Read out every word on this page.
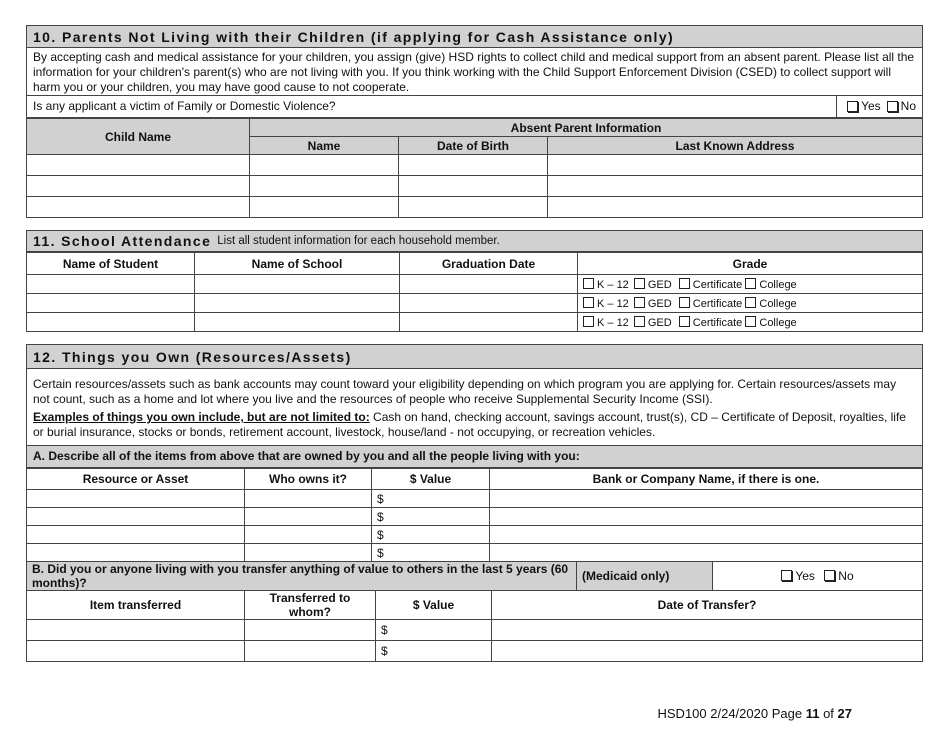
10. Parents Not Living with their Children (if applying for Cash Assistance only)
By accepting cash and medical assistance for your children, you assign (give) HSD rights to collect child and medical support from an absent parent. Please list all the information for your children's parent(s) who are not living with you. If you think working with the Child Support Enforcement Division (CSED) to collect support will harm you or your children, you may have good cause to not cooperate.
Is any applicant a victim of Family or Domestic Violence?	Yes No
Child Name	Absent Parent Information		
	Name	Date of Birth	Last Known Address

11. School Attendance List all student information for each household member.
Name of Student	Name of School	Graduation Date	Grade
			K – 12 GED Certificate College
			K – 12 GED Certificate College
			K – 12 GED Certificate College
12. Things you Own (Resources/Assets)
Certain resources/assets such as bank accounts may count toward your eligibility depending on which program you are applying for. Certain resources/assets may not count, such as a home and lot where you live and the resources of people who receive Supplemental Security Income (SSI).
Examples of things you own include, but are not limited to: Cash on hand, checking account, savings account, trust(s), CD – Certificate of Deposit, royalties, life or burial insurance, stocks or bonds, retirement account, livestock, house/land - not occupying, or recreation vehicles.
A. Describe all of the items from above that are owned by you and all the people living with you:
Resource or Asset	Who owns it?	$ Value	Bank or Company Name, if there is one.
		$	
		$	
		$	
		$	
B. Did you or anyone living with you transfer anything of value to others in the last 5 years (60 months)?	(Medicaid only)	Yes No
Item transferred	Transferred to whom?	$ Value	Date of Transfer?
		$	
		$	
HSD100 2/24/2020 Page 11 of 27
